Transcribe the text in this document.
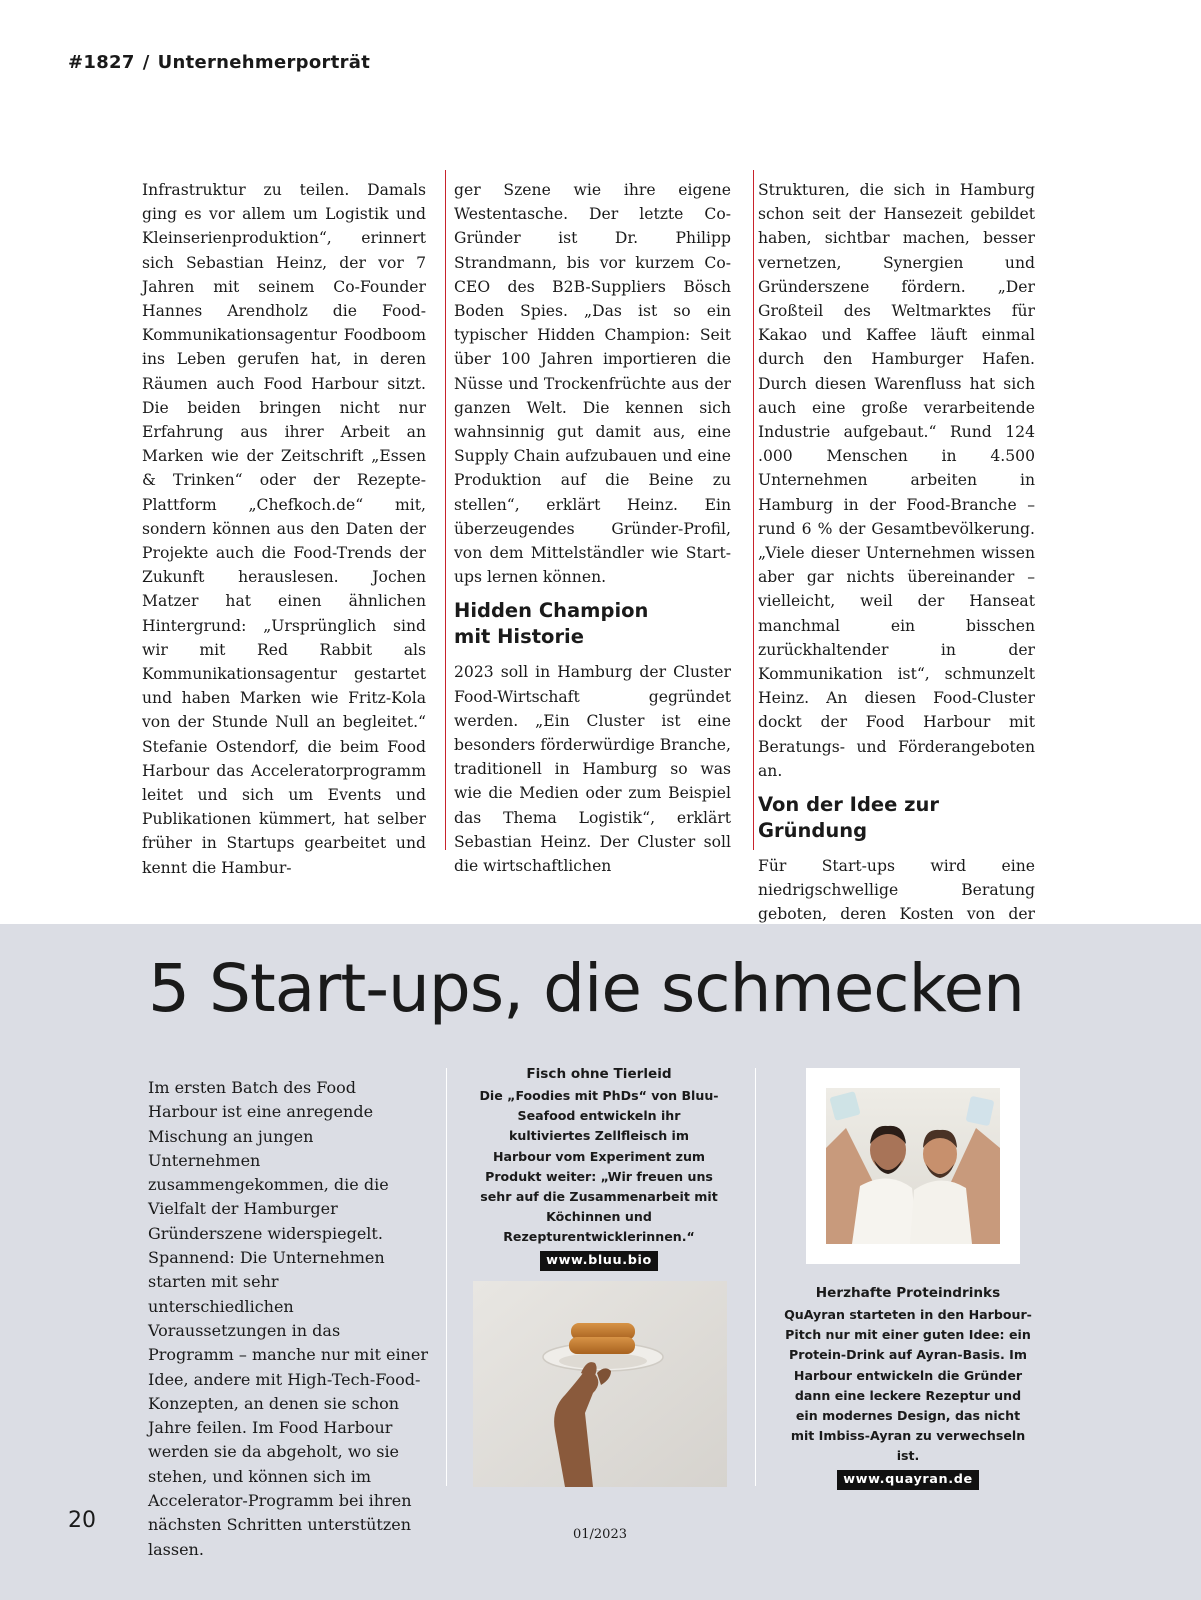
#1827 / Unternehmerporträt

Infrastruktur zu teilen. Damals ging es vor allem um Logistik und Kleinserienproduktion“, erinnert sich Sebastian Heinz, der vor 7 Jahren mit seinem Co-Founder Hannes Arendholz die Food-Kommunikationsagentur Foodboom ins Leben gerufen hat, in deren Räumen auch Food Harbour sitzt. Die beiden bringen nicht nur Erfahrung aus ihrer Arbeit an Marken wie der Zeitschrift „Essen & Trinken“ oder der Rezepte-Plattform „Chefkoch.de“ mit, sondern können aus den Daten der Projekte auch die Food-Trends der Zukunft herauslesen. Jochen Matzer hat einen ähnlichen Hintergrund: „Ursprünglich sind wir mit Red Rabbit als Kommunikationsagentur gestartet und haben Marken wie Fritz-Kola von der Stunde Null an begleitet.“ Stefanie Ostendorf, die beim Food Harbour das Acceleratorprogramm leitet und sich um Events und Publikationen kümmert, hat selber früher in Startups gearbeitet und kennt die Hambur-

ger Szene wie ihre eigene Westentasche. Der letzte Co-Gründer ist Dr. Philipp Strandmann, bis vor kurzem Co-CEO des B2B-Suppliers Bösch Boden Spies. „Das ist so ein typischer Hidden Champion: Seit über 100 Jahren importieren die Nüsse und Trockenfrüchte aus der ganzen Welt. Die kennen sich wahnsinnig gut damit aus, eine Supply Chain aufzubauen und eine Produktion auf die Beine zu stellen“, erklärt Heinz. Ein überzeugendes Gründer-Profil, von dem Mittelständler wie Start-ups lernen können.

Hidden Champion
mit Historie

2023 soll in Hamburg der Cluster Food-Wirtschaft gegründet werden. „Ein Cluster ist eine besonders förderwürdige Branche, traditionell in Hamburg so was wie die Medien oder zum Beispiel das Thema Logistik“, erklärt Sebastian Heinz. Der Cluster soll die wirtschaftlichen

Strukturen, die sich in Hamburg schon seit der Hansezeit gebildet haben, sichtbar machen, besser vernetzen, Synergien und Gründerszene fördern. „Der Großteil des Weltmarktes für Kakao und Kaffee läuft einmal durch den Hamburger Hafen. Durch diesen Warenfluss hat sich auch eine große verarbeitende Industrie aufgebaut.“ Rund 124 .000 Menschen in 4.500 Unternehmen arbeiten in Hamburg in der Food-Branche – rund 6 % der Gesamtbevölkerung. „Viele dieser Unternehmen wissen aber gar nichts übereinander – vielleicht, weil der Hanseat manchmal ein bisschen zurückhaltender in der Kommunikation ist“, schmunzelt Heinz. An diesen Food-Cluster dockt der Food Harbour mit Beratungs- und Förderangeboten an.

Von der Idee zur Gründung

Für Start-ups wird eine niedrigschwellige Beratung geboten, deren Kosten von der

5 Start-ups, die schmecken

Im ersten Batch des Food Harbour ist eine anregende Mischung an jungen Unternehmen zusammengekommen, die die Vielfalt der Hamburger Gründerszene widerspiegelt. Spannend: Die Unternehmen starten mit sehr unterschiedlichen Voraussetzungen in das Programm – manche nur mit einer Idee, andere mit High-Tech-Food-Konzepten, an denen sie schon Jahre feilen. Im Food Harbour werden sie da abgeholt, wo sie stehen, und können sich im Accelerator-Programm bei ihren nächsten Schritten unterstützen lassen.

Fisch ohne Tierleid

Die „Foodies mit PhDs“ von Bluu-Seafood entwickeln ihr kultiviertes Zellfleisch im Harbour vom Experiment zum Produkt weiter: „Wir freuen uns sehr auf die Zusammenarbeit mit Köchinnen und Rezepturentwicklerinnen.“

www.bluu.bio

Herzhafte Proteindrinks

QuAyran starteten in den Harbour-Pitch nur mit einer guten Idee: ein Protein-Drink auf Ayran-Basis. Im Harbour entwickeln die Gründer dann eine leckere Rezeptur und ein modernes Design, das nicht mit Imbiss-Ayran zu verwechseln ist.

www.quayran.de

20

01/2023
